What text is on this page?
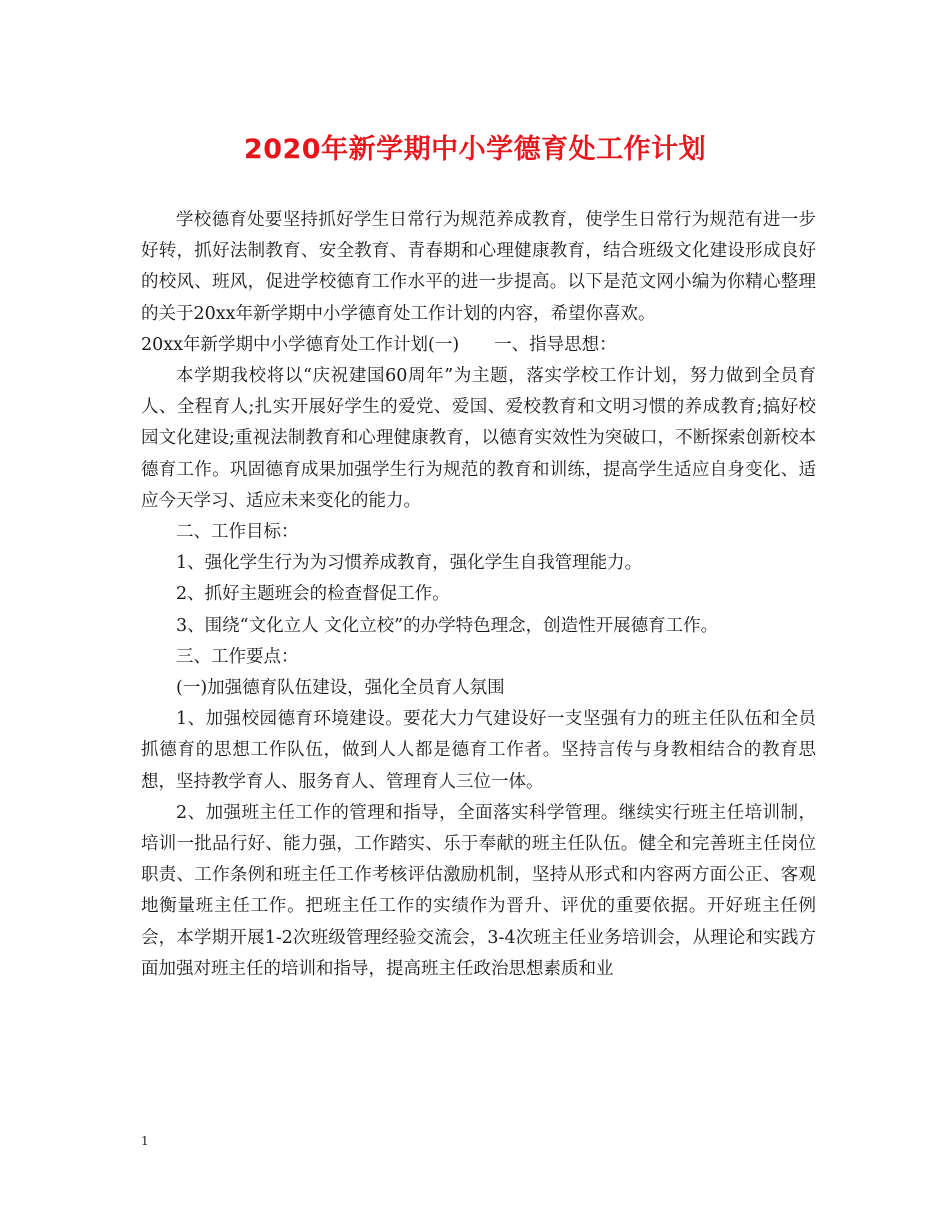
2020年新学期中小学德育处工作计划

学校德育处要坚持抓好学生日常行为规范养成教育，使学生日常行为规范有进一步好转，抓好法制教育、安全教育、青春期和心理健康教育，结合班级文化建设形成良好的校风、班风，促进学校德育工作水平的进一步提高。以下是范文网小编为你精心整理的关于20xx年新学期中小学德育处工作计划的内容，希望你喜欢。

20xx年新学期中小学德育处工作计划(一)　　一、指导思想：

本学期我校将以“庆祝建国60周年”为主题，落实学校工作计划，努力做到全员育人、全程育人;扎实开展好学生的爱党、爱国、爱校教育和文明习惯的养成教育;搞好校园文化建设;重视法制教育和心理健康教育，以德育实效性为突破口，不断探索创新校本德育工作。巩固德育成果加强学生行为规范的教育和训练，提高学生适应自身变化、适应今天学习、适应未来变化的能力。

二、工作目标：

1、强化学生行为为习惯养成教育，强化学生自我管理能力。

2、抓好主题班会的检查督促工作。

3、围绕“文化立人 文化立校”的办学特色理念，创造性开展德育工作。

三、工作要点：

(一)加强德育队伍建设，强化全员育人氛围

1、加强校园德育环境建设。要花大力气建设好一支坚强有力的班主任队伍和全员抓德育的思想工作队伍，做到人人都是德育工作者。坚持言传与身教相结合的教育思想，坚持教学育人、服务育人、管理育人三位一体。

2、加强班主任工作的管理和指导，全面落实科学管理。继续实行班主任培训制，培训一批品行好、能力强，工作踏实、乐于奉献的班主任队伍。健全和完善班主任岗位职责、工作条例和班主任工作考核评估激励机制，坚持从形式和内容两方面公正、客观地衡量班主任工作。把班主任工作的实绩作为晋升、评优的重要依据。开好班主任例会，本学期开展1-2次班级管理经验交流会，3-4次班主任业务培训会，从理论和实践方面加强对班主任的培训和指导，提高班主任政治思想素质和业

1
